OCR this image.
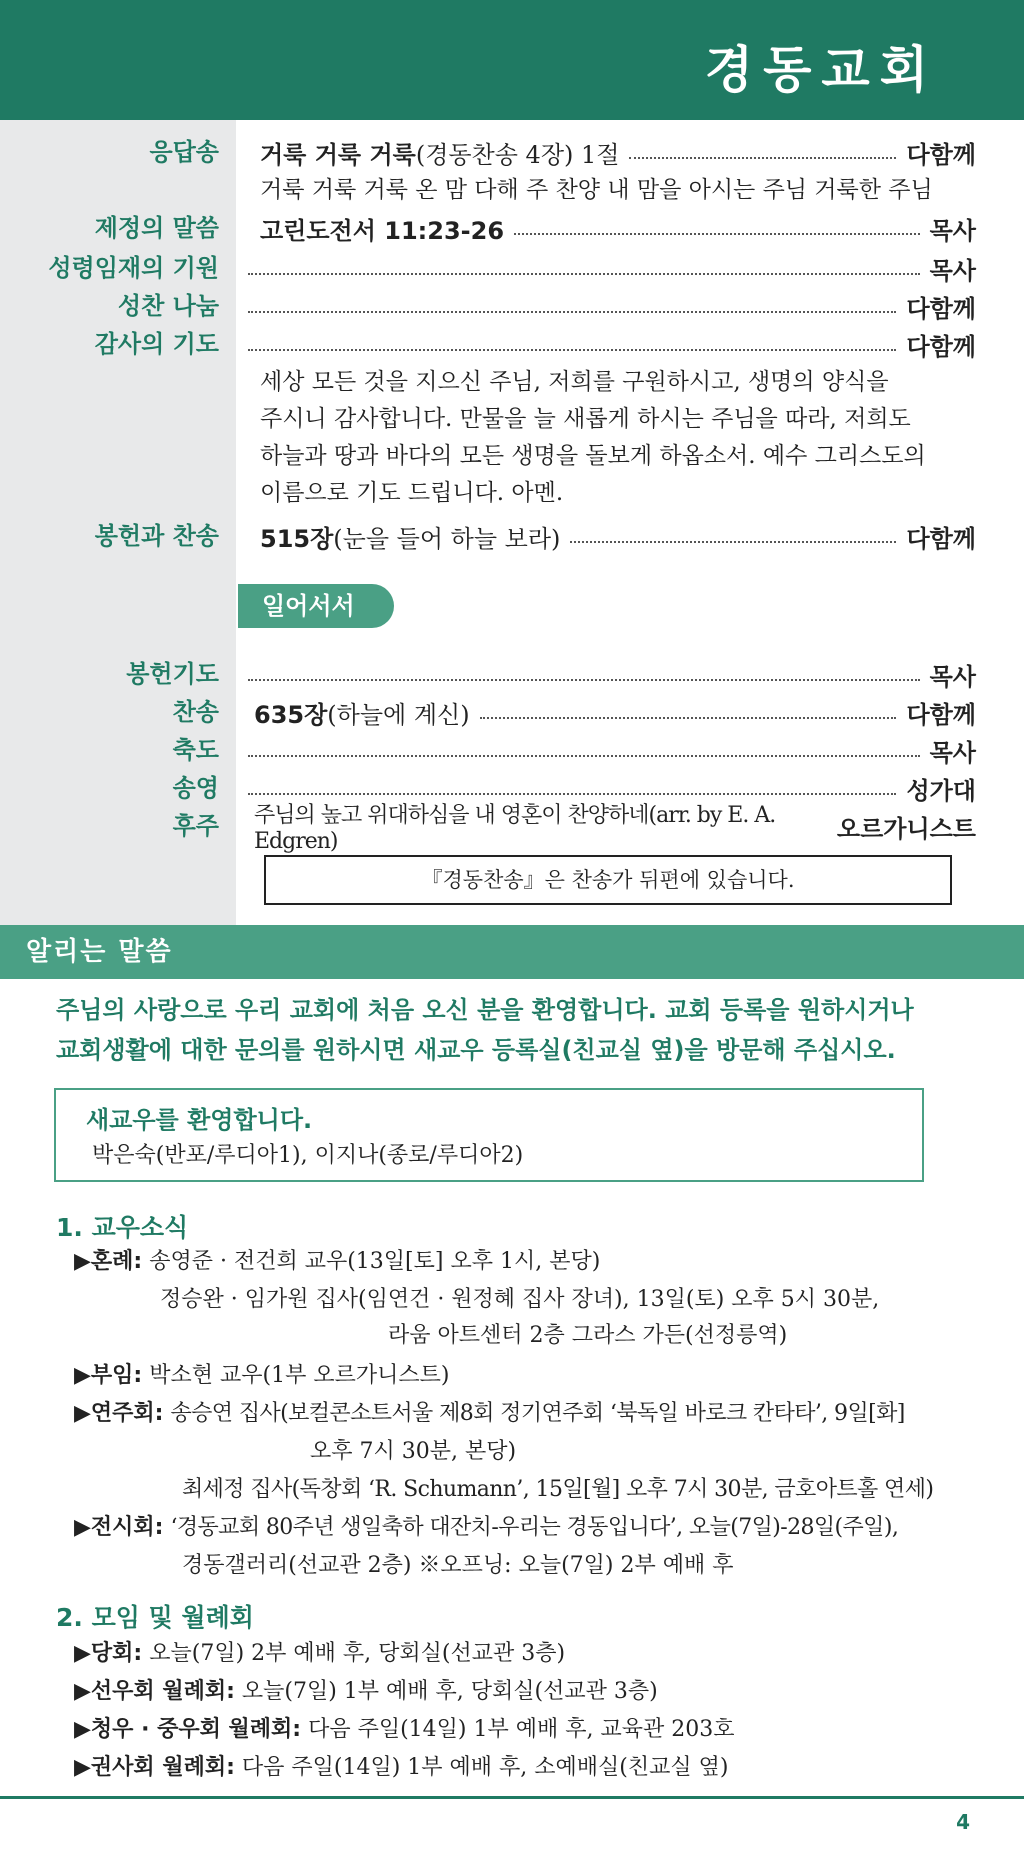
경동교회
응답송 거룩 거룩 거룩 (경동찬송 4장) 1절	다함께
거룩 거룩 거룩 온 맘 다해 주 찬양 내 맘을 아시는 주님 거룩한 주님
제정의 말씀 고린도전서 11:23-26	목사
성령임재의 기원	목사
성찬 나눔	다함께
감사의 기도	다함께
세상 모든 것을 지으신 주님, 저희를 구원하시고, 생명의 양식을
주시니 감사합니다. 만물을 늘 새롭게 하시는 주님을 따라, 저희도
하늘과 땅과 바다의 모든 생명을 돌보게 하옵소서. 예수 그리스도의
이름으로 기도 드립니다. 아멘.
봉헌과 찬송 515장 (눈을 들어 하늘 보라)	다함께
일어서서
봉헌기도	목사
찬송 635장 (하늘에 계신)	다함께
축도	목사
송영	성가대
후주 주님의 높고 위대하심을 내 영혼이 찬양하네(arr. by E. A. Edgren)	오르가니스트
『경동찬송』은 찬송가 뒤편에 있습니다.
알리는 말씀
주님의 사랑으로 우리 교회에 처음 오신 분을 환영합니다. 교회 등록을 원하시거나
교회생활에 대한 문의를 원하시면 새교우 등록실(친교실 옆)을 방문해 주십시오.
새교우를 환영합니다.
박은숙(반포/루디아1), 이지나(종로/루디아2)
1. 교우소식
▶혼례: 송영준 · 전건희 교우(13일[토] 오후 1시, 본당)
정승완 · 임가원 집사(임연건 · 원정혜 집사 장녀), 13일(토) 오후 5시 30분,
라움 아트센터 2층 그라스 가든(선정릉역)
▶부임: 박소현 교우(1부 오르가니스트)
▶연주회: 송승연 집사(보컬콘소트서울 제8회 정기연주회 ‘북독일 바로크 칸타타’, 9일[화]
오후 7시 30분, 본당)
최세정 집사(독창회 ‘R. Schumann’, 15일[월] 오후 7시 30분, 금호아트홀 연세)
▶전시회: ‘경동교회 80주년 생일축하 대잔치-우리는 경동입니다’, 오늘(7일)-28일(주일),
경동갤러리(선교관 2층) ※오프닝: 오늘(7일) 2부 예배 후
2. 모임 및 월례회
▶당회: 오늘(7일) 2부 예배 후, 당회실(선교관 3층)
▶선우회 월례회: 오늘(7일) 1부 예배 후, 당회실(선교관 3층)
▶청우 · 중우회 월례회: 다음 주일(14일) 1부 예배 후, 교육관 203호
▶권사회 월례회: 다음 주일(14일) 1부 예배 후, 소예배실(친교실 옆)
4
